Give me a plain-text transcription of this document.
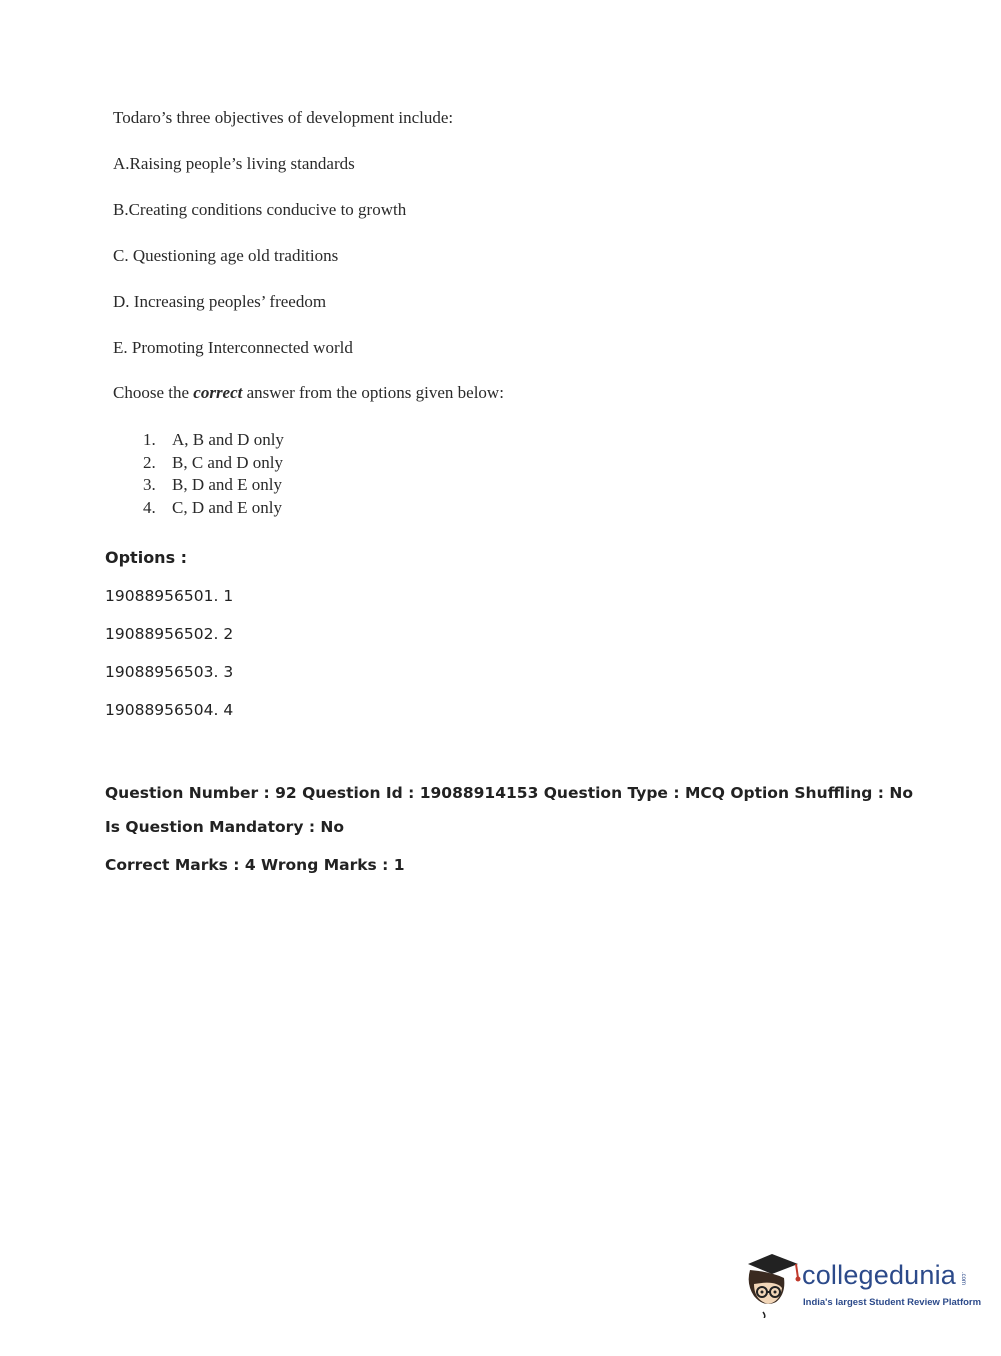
Todaro’s three objectives of development include:
A.Raising people’s living standards
B.Creating conditions conducive to growth
C. Questioning age old traditions
D. Increasing peoples’ freedom
E. Promoting Interconnected world
Choose the correct answer from the options given below:
1. A, B and D only
2. B, C and D only
3. B, D and E only
4. C, D and E only
Options :
19088956501. 1
19088956502. 2
19088956503. 3
19088956504. 4
Question Number : 92 Question Id : 19088914153 Question Type : MCQ Option Shuffling : No
Is Question Mandatory : No
Correct Marks : 4 Wrong Marks : 1
collegedunia .com
India's largest Student Review Platform
